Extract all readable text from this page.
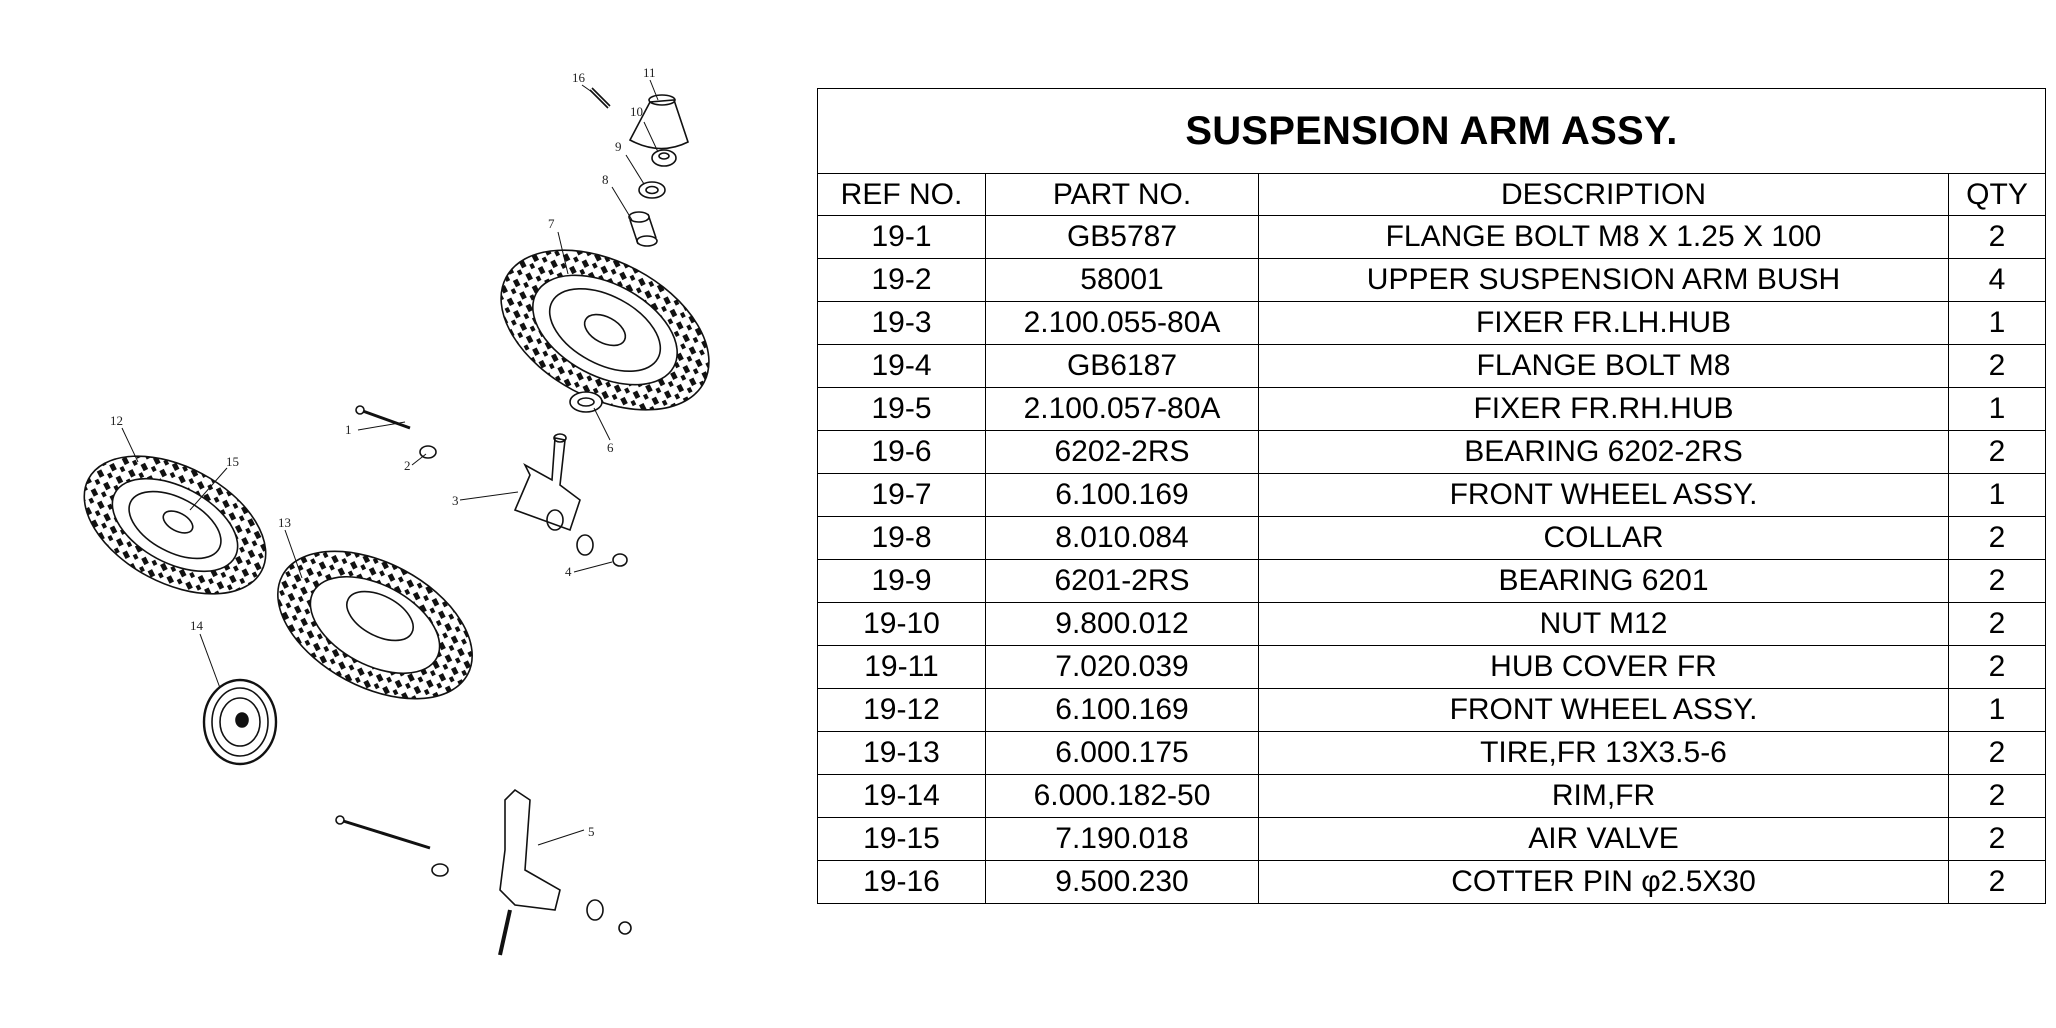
16	11
10
9
8
7
6
12
15
13
14
1
2
3
4
5
SUSPENSION ARM ASSY.			
REF NO.	PART NO.	DESCRIPTION	QTY
19-1	GB5787	FLANGE BOLT M8 X 1.25 X 100	2
19-2	58001	UPPER SUSPENSION ARM BUSH	4
19-3	2.100.055-80A	FIXER FR.LH.HUB	1
19-4	GB6187	FLANGE BOLT M8	2
19-5	2.100.057-80A	FIXER FR.RH.HUB	1
19-6	6202-2RS	BEARING 6202-2RS	2
19-7	6.100.169	FRONT WHEEL ASSY.	1
19-8	8.010.084	COLLAR	2
19-9	6201-2RS	BEARING 6201	2
19-10	9.800.012	NUT M12	2
19-11	7.020.039	HUB COVER FR	2
19-12	6.100.169	FRONT WHEEL ASSY.	1
19-13	6.000.175	TIRE,FR 13X3.5-6	2
19-14	6.000.182-50	RIM,FR	2
19-15	7.190.018	AIR VALVE	2
19-16	9.500.230	COTTER PIN φ2.5X30	2
